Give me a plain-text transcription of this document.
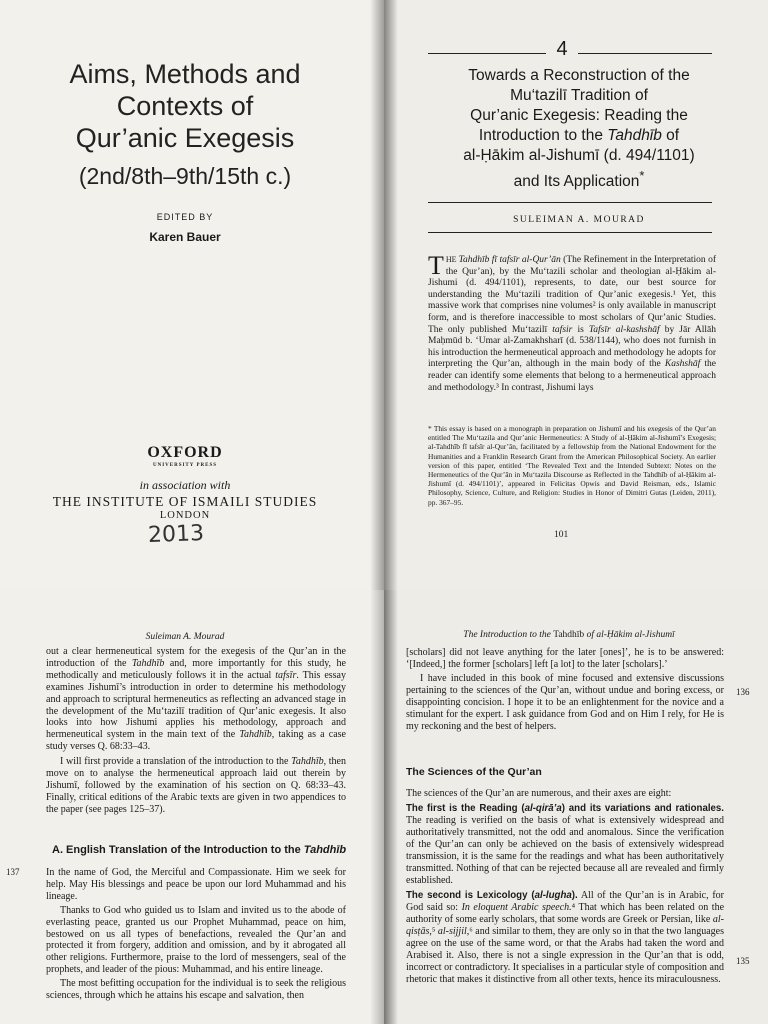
Aims, Methods and
Contexts of
Qur’anic Exegesis
(2nd/8th–9th/15th c.)
EDITED BY
Karen Bauer
OXFORD
UNIVERSITY PRESS
in association with
THE INSTITUTE OF ISMAILI STUDIES
LONDON
2013
4
Towards a Reconstruction of the
Mu‘tazilī Tradition of
Qur’anic Exegesis: Reading the
Introduction to the Tahdhīb of
al-Ḥākim al-Jishumī (d. 494/1101)
and Its Application*
SULEIMAN A. MOURAD
THE Tahdhīb fī tafsīr al-Qur’ān (The Refinement in the Interpretation of the Qur’an), by the Mu‘tazili scholar and theologian al-Ḥākim al-Jishumi (d. 494/1101), represents, to date, our best source for understanding the Mu‘tazili tradition of Qur’anic exegesis.¹ Yet, this massive work that comprises nine volumes² is only available in manuscript form, and is therefore inaccessible to most scholars of Qur’anic Studies. The only published Mu‘tazilī tafsir is Tafsīr al-kashshāf by Jār Allāh Maḥmūd b. ‘Umar al-Zamakhsharī (d. 538/1144), who does not furnish in his introduction the hermeneutical approach and methodology he adopts for interpreting the Qur’an, although in the main body of the Kashshāf the reader can identify some elements that belong to a hermeneutical approach and methodology.³ In contrast, Jishumi lays
* This essay is based on a monograph in preparation on Jishumī and his exegesis of the Qur’an entitled The Mu‘tazila and Qur’anic Hermeneutics: A Study of al-Ḥākim al-Jishumī’s Exegesis; al-Tahdhīb fī tafsīr al-Qur’ān, facilitated by a fellowship from the National Endowment for the Humanities and a Franklin Research Grant from the American Philosophical Society. An earlier version of this paper, entitled ‘The Revealed Text and the Intended Subtext: Notes on the Hermeneutics of the Qur’ān in Mu‘tazila Discourse as Reflected in the Tahdhīb of al-Ḥākim al-Jishumī (d. 494/1101)’, appeared in Felicitas Opwis and David Reisman, eds., Islamic Philosophy, Science, Culture, and Religion: Studies in Honor of Dimitri Gutas (Leiden, 2011), pp. 367–95.
101
Suleiman A. Mourad

out a clear hermeneutical system for the exegesis of the Qur’an in the introduction of the Tahdhīb and, more importantly for this study, he methodically and meticulously follows it in the actual tafsīr. This essay examines Jishumī’s introduction in order to determine his methodology and approach to scriptural hermeneutics as reflecting an advanced stage in the development of the Mu‘tazilī tradition of Qur’anic exegesis. It also looks into how Jishumi applies his methodology, approach and hermeneutical system in the main text of the Tahdhīb, taking as a case study verses Q. 68:33–43.

I will first provide a translation of the introduction to the Tahdhīb, then move on to analyse the hermeneutical approach laid out therein by Jishumī, followed by the examination of his section on Q. 68:33–43. Finally, critical editions of the Arabic texts are given in two appendices to the paper (see pages 125–37).

A. English Translation of the Introduction to the Tahdhīb
137	In the name of God, the Merciful and Compassionate. Him we seek for help. May His blessings and peace be upon our lord Muhammad and his lineage.

Thanks to God who guided us to Islam and invited us to the abode of everlasting peace, granted us our Prophet Muhammad, peace on him, bestowed on us all types of benefactions, revealed the Qur’an and protected it from forgery, addition and omission, and by it abrogated all other religions. Furthermore, praise to the lord of messengers, seal of the prophets, and leader of the pious: Muhammad, and his entire lineage.

The most befitting occupation for the individual is to seek the religious sciences, through which he attains his escape and salvation, then

The Introduction to the Tahdhīb of al-Ḥākim al-Jishumī

[scholars] did not leave anything for the later [ones]’, he is to be answered: ‘[Indeed,] the former [scholars] left [a lot] to the later [scholars].’

I have included in this book of mine focused and extensive discussions pertaining to the sciences of the Qur’an, without undue and boring excess, or disappointing concision. I hope it to be an enlightenment for the novice and a stimulant for the expert. I ask guidance from God and on Him I rely, for He is my reckoning and the best of helpers.

136
The Sciences of the Qur’an

The sciences of the Qur’an are numerous, and their axes are eight:

The first is the Reading (al-qirā’a) and its variations and rationales. The reading is verified on the basis of what is extensively widespread and authoritatively transmitted, not the odd and anomalous. Since the verification of the Qur’an can only be achieved on the basis of extensively widespread transmission, it is the same for the readings and what has been authoritatively transmitted. Nothing of that can be rejected because all are revealed and firmly established.

The second is Lexicology (al-lugha). All of the Qur’an is in Arabic, for God said so: In eloquent Arabic speech.⁴ That which has been related on the authority of some early scholars, that some words are Greek or Persian, like al-qisṭās,⁵ al-sijjil,⁶ and similar to them, they are only so in that the two languages agree on the use of the same word, or that the Arabs had taken the word and Arabised it. Also, there is not a single expression in the Qur’an that is odd, incorrect or contradictory. It specialises in a particular style of composition and rhetoric that makes it distinctive from all other texts, hence its miraculousness.

135
